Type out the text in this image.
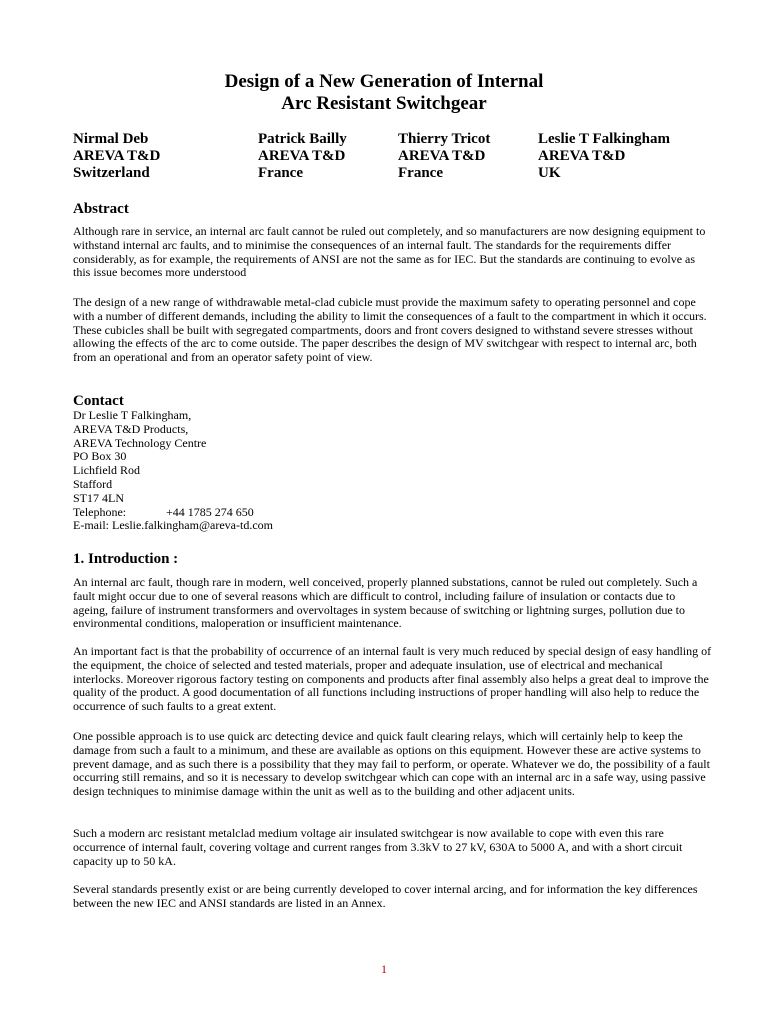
Design of a New Generation of Internal
Arc Resistant Switchgear
Nirmal Deb
AREVA T&D
Switzerland
Patrick Bailly
AREVA T&D
France
Thierry Tricot
AREVA T&D
France
Leslie T Falkingham
AREVA T&D
UK
Abstract

Although rare in service, an internal arc fault cannot be ruled out completely, and so manufacturers are now designing equipment to withstand internal arc faults, and to minimise the consequences of an internal fault. The standards for the requirements differ considerably, as for example, the requirements of ANSI are not the same as for IEC. But the standards are continuing to evolve as this issue becomes more understood

The design of a new range of withdrawable metal-clad cubicle must provide the maximum safety to operating personnel and cope with a number of different demands, including the ability to limit the consequences of a fault to the compartment in which it occurs. These cubicles shall be built with segregated compartments, doors and front covers designed to withstand severe stresses without allowing the effects of the arc to come outside. The paper describes the design of MV switchgear with respect to internal arc, both from an operational and from an operator safety point of view.

Contact
Dr Leslie T Falkingham,
AREVA T&D Products,
AREVA Technology Centre
PO Box 30
Lichfield Rod
Stafford
ST17 4LN
Telephone:	+44 1785 274 650
E-mail: Leslie.falkingham@areva-td.com
1. Introduction :

An internal arc fault, though rare in modern, well conceived, properly planned substations, cannot be ruled out completely. Such a fault might occur due to one of several reasons which are difficult to control, including failure of insulation or contacts due to ageing, failure of instrument transformers and overvoltages in system because of switching or lightning surges, pollution due to environmental conditions, maloperation or insufficient maintenance.

An important fact is that the probability of occurrence of an internal fault is very much reduced by special design of easy handling of the equipment, the choice of selected and tested materials, proper and adequate insulation, use of electrical and mechanical interlocks. Moreover rigorous factory testing on components and products after final assembly also helps a great deal to improve the quality of the product. A good documentation of all functions including instructions of proper handling will also help to reduce the occurrence of such faults to a great extent.

One possible approach is to use quick arc detecting device and quick fault clearing relays, which will certainly help to keep the damage from such a fault to a minimum, and these are available as options on this equipment. However these are active systems to prevent damage, and as such there is a possibility that they may fail to perform, or operate. Whatever we do, the possibility of a fault occurring still remains, and so it is necessary to develop switchgear which can cope with an internal arc in a safe way, using passive design techniques to minimise damage within the unit as well as to the building and other adjacent units.

Such a modern arc resistant metalclad medium voltage air insulated switchgear is now available to cope with even this rare occurrence of internal fault, covering voltage and current ranges from 3.3kV to 27 kV, 630A to 5000 A, and with a short circuit capacity up to 50 kA.

Several standards presently exist or are being currently developed to cover internal arcing, and for information the key differences between the new IEC and ANSI standards are listed in an Annex.

1
